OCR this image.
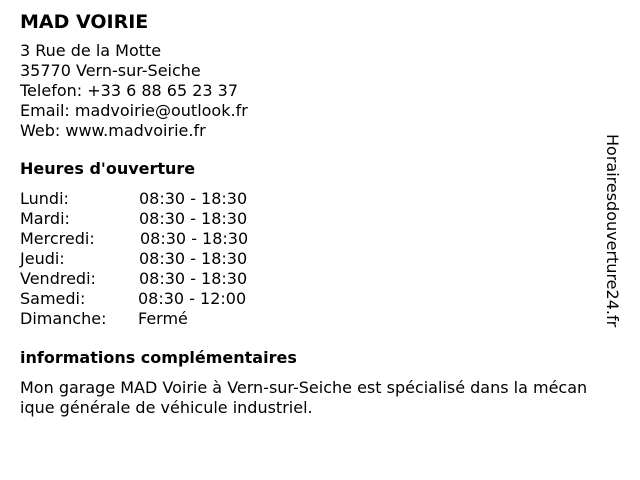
MAD VOIRIE
3 Rue de la Motte
35770 Vern-sur-Seiche
Telefon: +33 6 88 65 23 37
Email: madvoirie@outlook.fr
Web: www.madvoirie.fr
Heures d'ouverture
Lundi:	08:30 - 18:30
Mardi:	08:30 - 18:30
Mercredi:	08:30 - 18:30
Jeudi:	08:30 - 18:30
Vendredi:	08:30 - 18:30
Samedi:	08:30 - 12:00
Dimanche: Fermé
informations complémentaires
Mon garage MAD Voirie à Vern-sur-Seiche est spécialisé dans la mécanique générale de véhicule industriel.
Horairesdouverture24.fr
